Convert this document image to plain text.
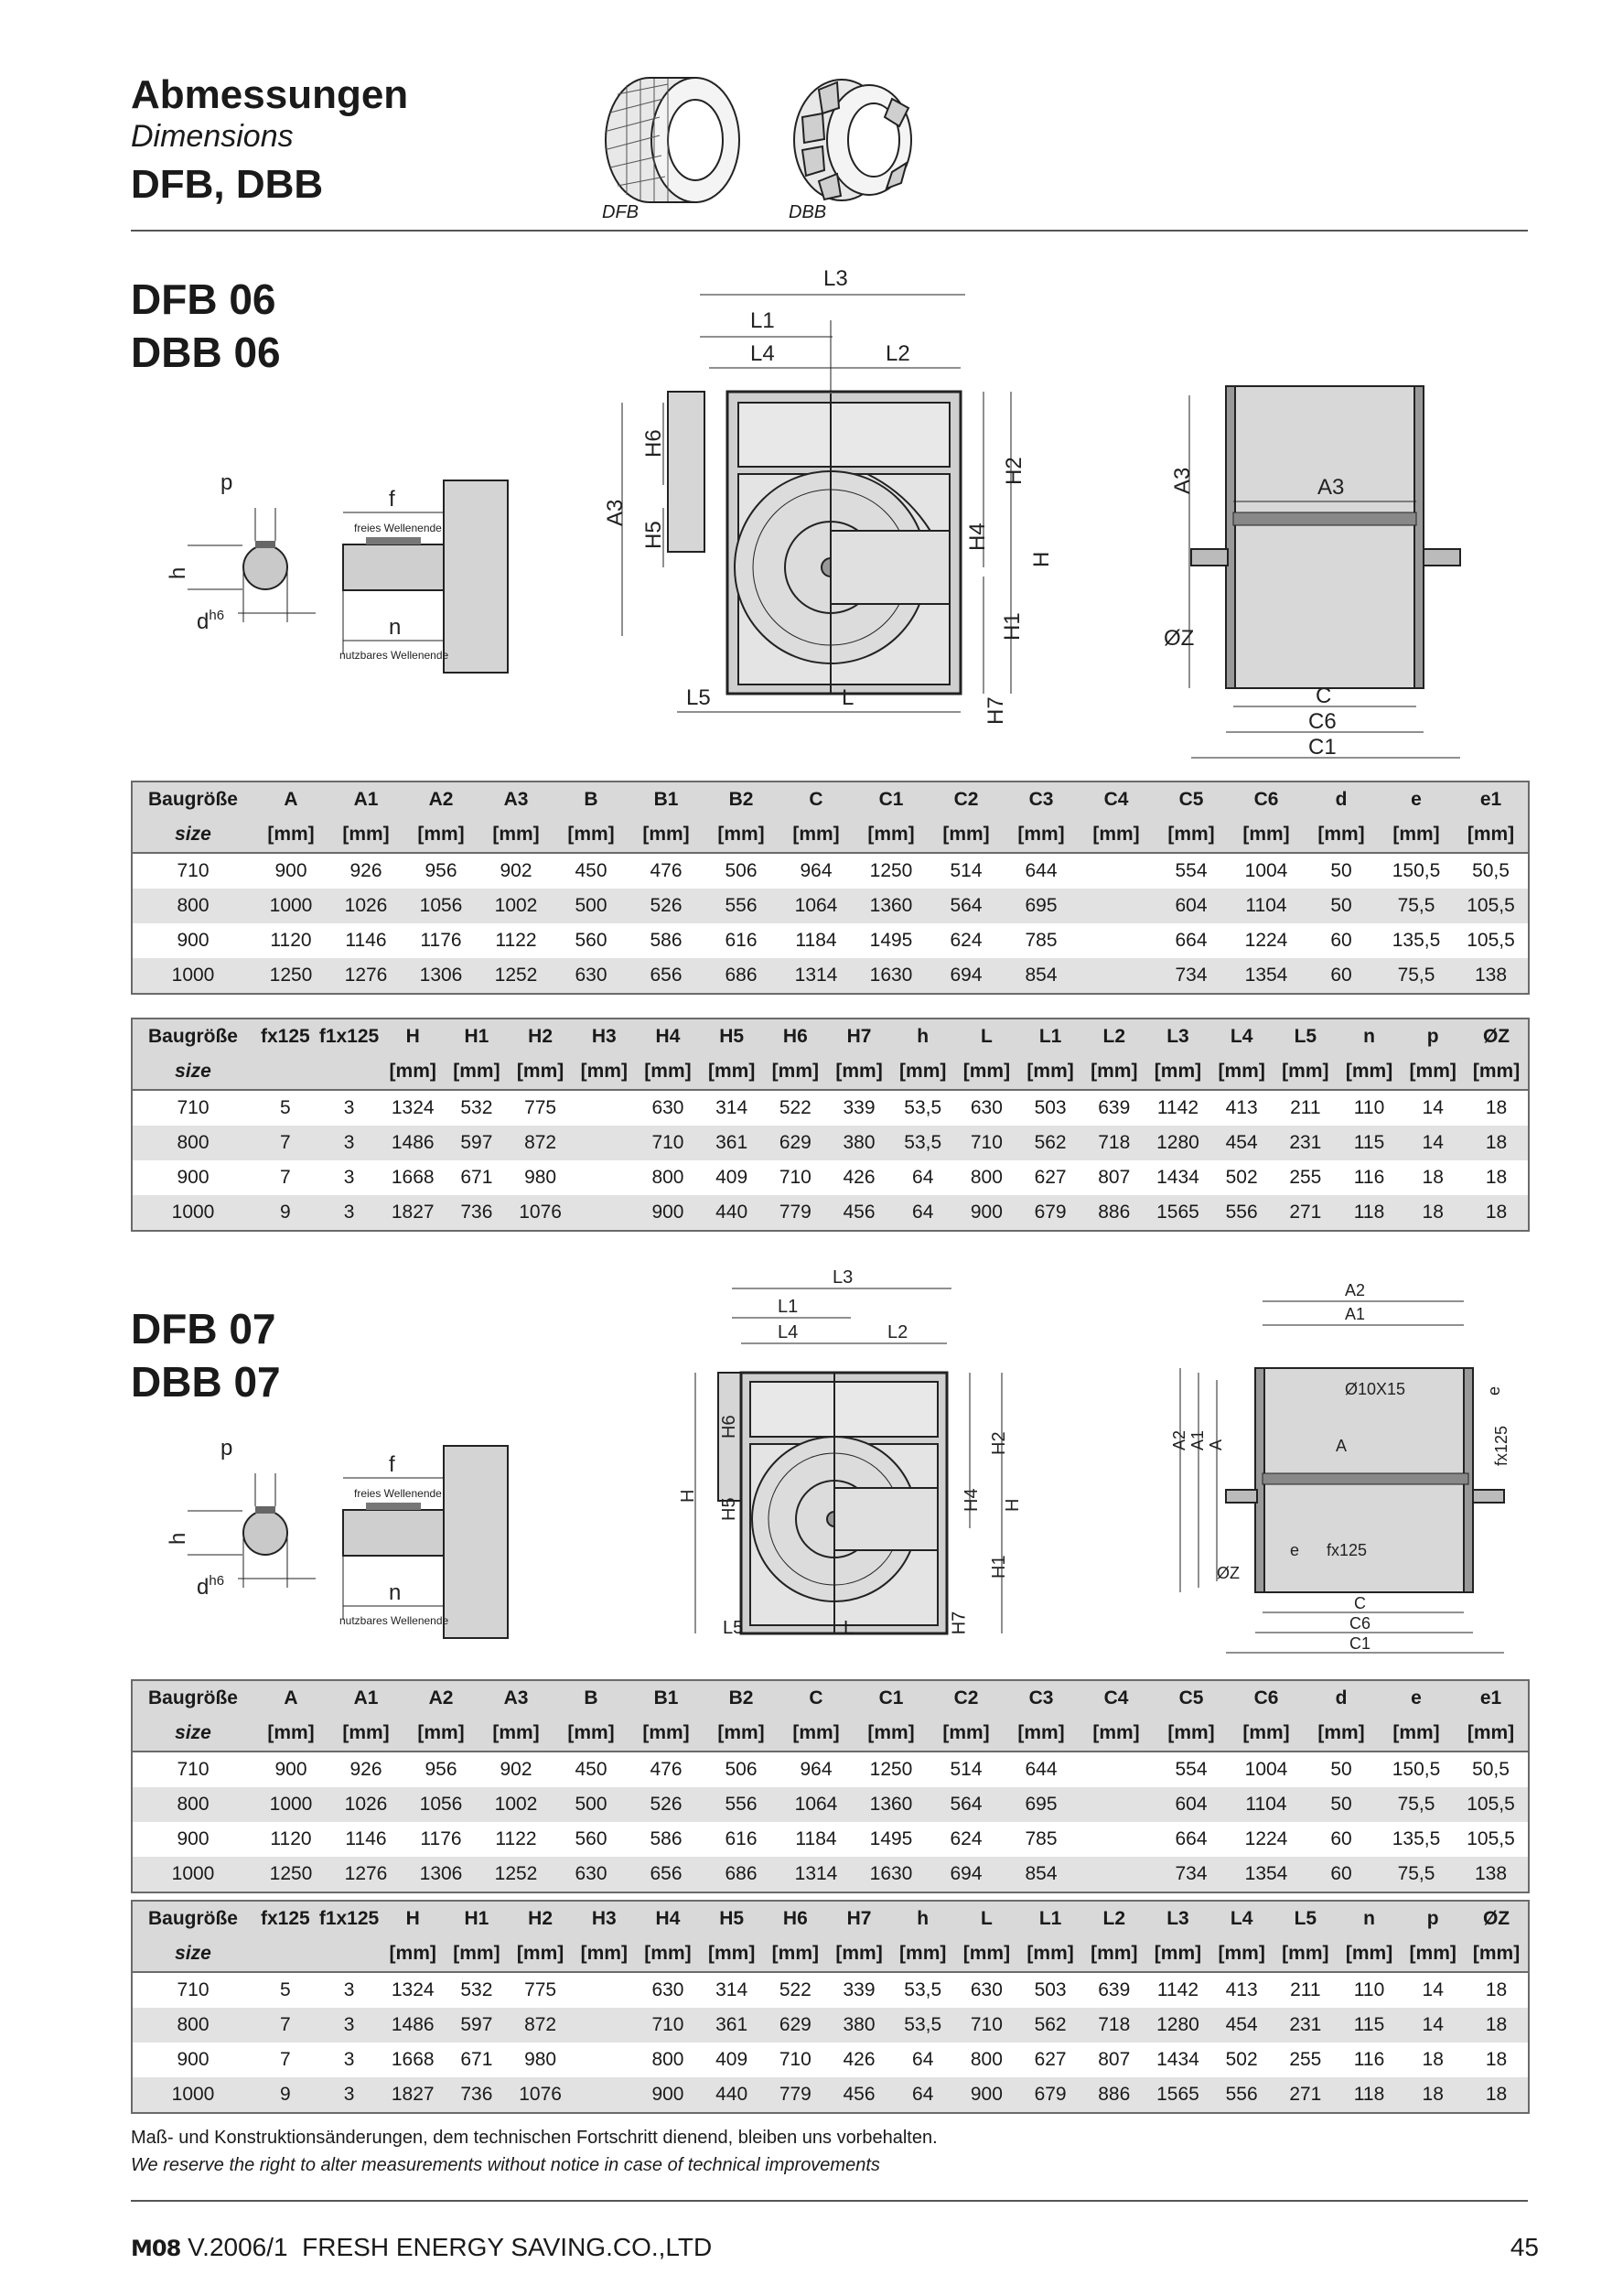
Abmessungen
Dimensions
DFB, DBB
DFB	DBB
DFB 06
DBB 06
p
h
$d^{h6}$
f
freies Wellenende
n
nutzbares Wellenende
L3
L1
L4	L2
A3
H6
H5
H2
H4
H
H1
H7
L5	L
A3	A3
ØZ
C
C6
C1
Baugröße	A	A1	A2	A3	B	B1	B2	C	C1	C2	C3	C4	C5	C6	d	e	e1
size	[mm]	[mm]	[mm]	[mm]	[mm]	[mm]	[mm]	[mm]	[mm]	[mm]	[mm]	[mm]	[mm]	[mm]	[mm]	[mm]	[mm]
710	900	926	956	902	450	476	506	964	1250	514	644		554	1004	50	150,5	50,5
800	1000	1026	1056	1002	500	526	556	1064	1360	564	695		604	1104	50	75,5	105,5
900	1120	1146	1176	1122	560	586	616	1184	1495	624	785		664	1224	60	135,5	105,5
1000	1250	1276	1306	1252	630	656	686	1314	1630	694	854		734	1354	60	75,5	138
Baugröße	fx125	f1x125	H	H1	H2	H3	H4	H5	H6	H7	h	L	L1	L2	L3	L4	L5	n	p	ØZ
size			[mm]	[mm]	[mm]	[mm]	[mm]	[mm]	[mm]	[mm]	[mm]	[mm]	[mm]	[mm]	[mm]	[mm]	[mm]	[mm]	[mm]	[mm]
710	5	3	1324	532	775		630	314	522	339	53,5	630	503	639	1142	413	211	110	14	18
800	7	3	1486	597	872		710	361	629	380	53,5	710	562	718	1280	454	231	115	14	18
900	7	3	1668	671	980		800	409	710	426	64	800	627	807	1434	502	255	116	18	18
1000	9	3	1827	736	1076		900	440	779	456	64	900	679	886	1565	556	271	118	18	18
DFB 07
DBB 07
p
h
$d^{h6}$
f
freies Wellenende
n
nutzbares Wellenende
L3
L1
L4	L2
H
H6
H5
H2
H4 H
H1
L5	L	H7
A2
A1
Ø10X15
A
e
fx125
A2 A1 A
e fx125
ØZ
C
C6
C1
Baugröße	A	A1	A2	A3	B	B1	B2	C	C1	C2	C3	C4	C5	C6	d	e	e1
size	[mm]	[mm]	[mm]	[mm]	[mm]	[mm]	[mm]	[mm]	[mm]	[mm]	[mm]	[mm]	[mm]	[mm]	[mm]	[mm]	[mm]
710	900	926	956	902	450	476	506	964	1250	514	644		554	1004	50	150,5	50,5
800	1000	1026	1056	1002	500	526	556	1064	1360	564	695		604	1104	50	75,5	105,5
900	1120	1146	1176	1122	560	586	616	1184	1495	624	785		664	1224	60	135,5	105,5
1000	1250	1276	1306	1252	630	656	686	1314	1630	694	854		734	1354	60	75,5	138
Baugröße	fx125	f1x125	H	H1	H2	H3	H4	H5	H6	H7	h	L	L1	L2	L3	L4	L5	n	p	ØZ
size			[mm]	[mm]	[mm]	[mm]	[mm]	[mm]	[mm]	[mm]	[mm]	[mm]	[mm]	[mm]	[mm]	[mm]	[mm]	[mm]	[mm]	[mm]
710	5	3	1324	532	775		630	314	522	339	53,5	630	503	639	1142	413	211	110	14	18
800	7	3	1486	597	872		710	361	629	380	53,5	710	562	718	1280	454	231	115	14	18
900	7	3	1668	671	980		800	409	710	426	64	800	627	807	1434	502	255	116	18	18
1000	9	3	1827	736	1076		900	440	779	456	64	900	679	886	1565	556	271	118	18	18
Maß- und Konstruktionsänderungen, dem technischen Fortschritt dienend, bleiben uns vorbehalten.
We reserve the right to alter measurements without notice in case of technical improvements
M08 V.2006/1 FRESH ENERGY SAVING.CO.,LTD	45
